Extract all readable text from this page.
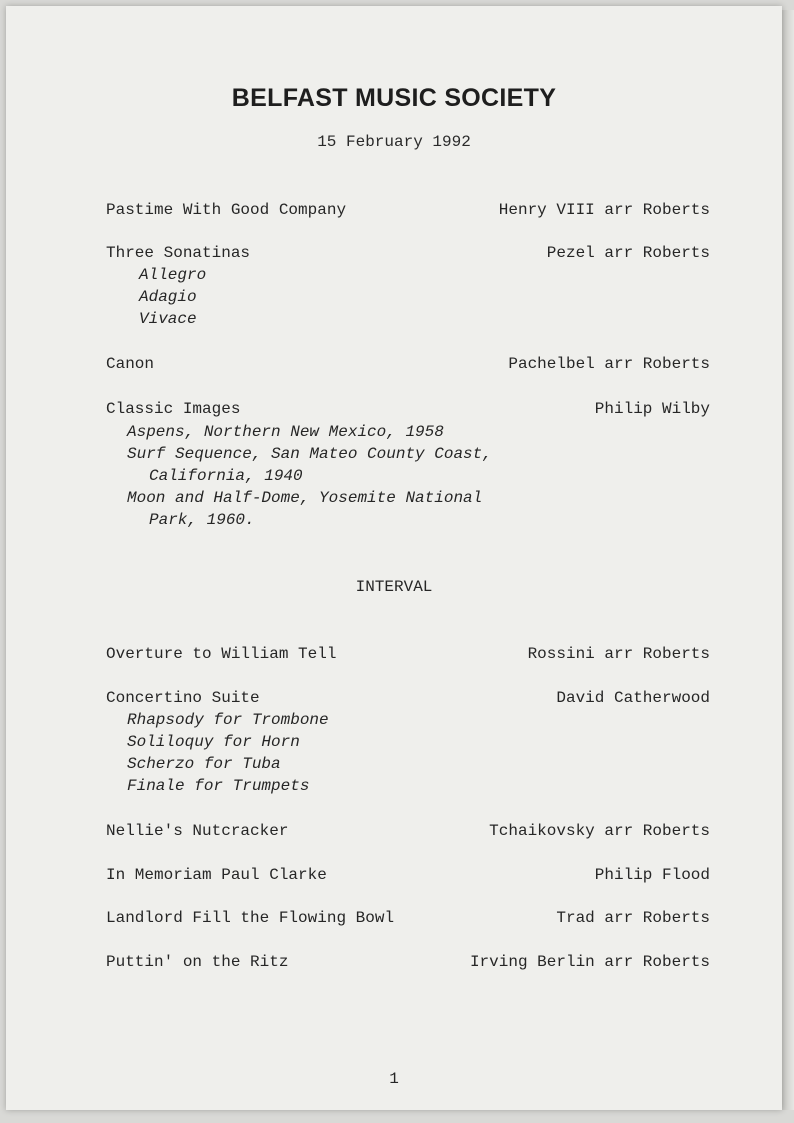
BELFAST MUSIC SOCIETY
15 February 1992
Pastime With Good Company	Henry VIII arr Roberts
Three Sonatinas	Pezel arr Roberts
Allegro
Adagio
Vivace
Canon	Pachelbel arr Roberts
Classic Images	Philip Wilby
Aspens, Northern New Mexico, 1958
Surf Sequence, San Mateo County Coast,
California, 1940
Moon and Half-Dome, Yosemite National
Park, 1960.
INTERVAL
Overture to William Tell	Rossini arr Roberts
Concertino Suite	David Catherwood
Rhapsody for Trombone
Soliloquy for Horn
Scherzo for Tuba
Finale for Trumpets
Nellie's Nutcracker	Tchaikovsky arr Roberts
In Memoriam Paul Clarke	Philip Flood
Landlord Fill the Flowing Bowl	Trad arr Roberts
Puttin' on the Ritz	Irving Berlin arr Roberts
1
